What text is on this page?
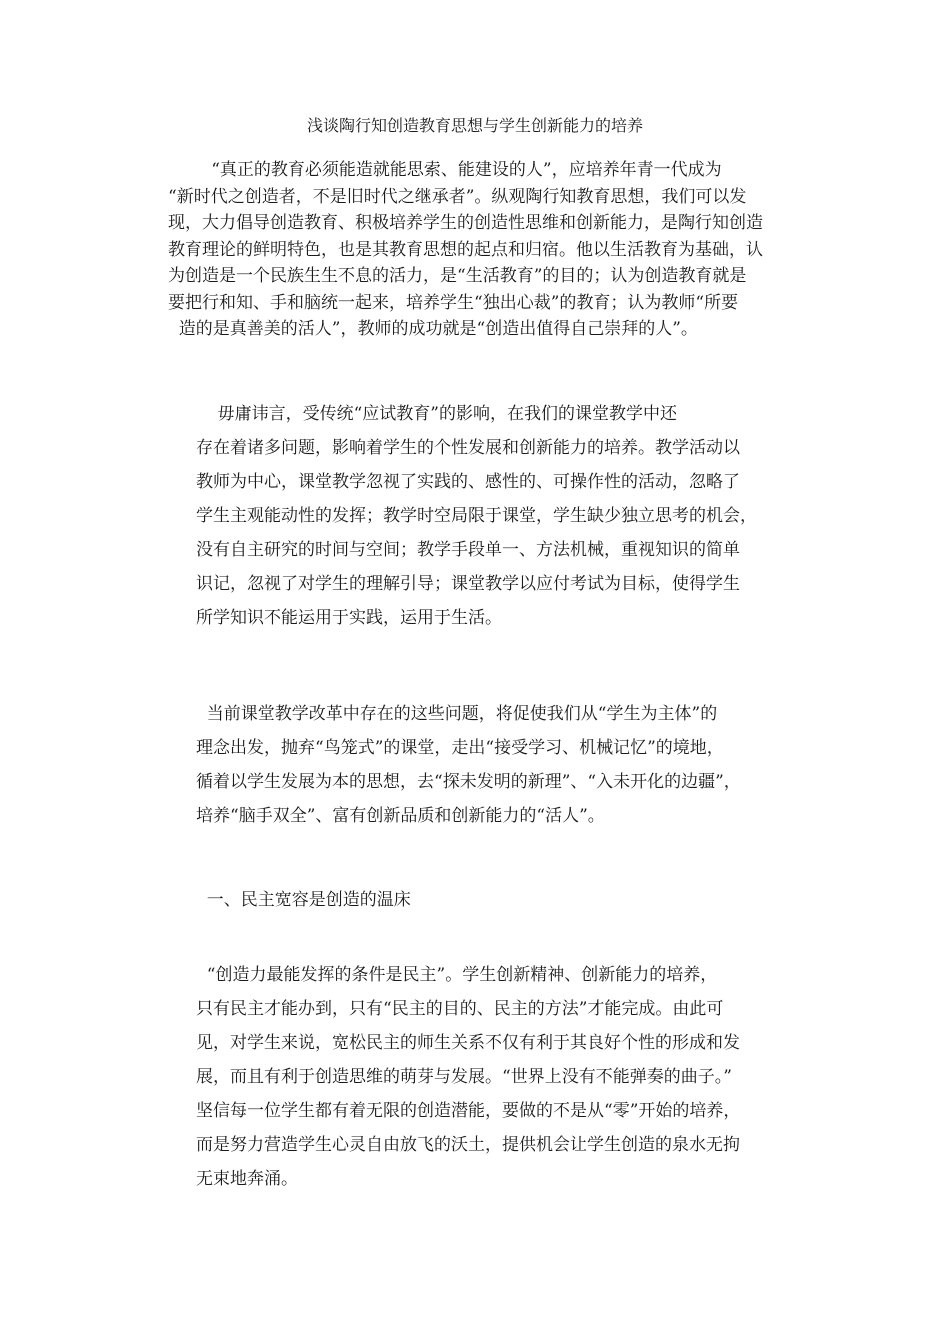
浅谈陶行知创造教育思想与学生创新能力的培养
“真正的教育必须能造就能思索、能建设的人”，应培养年青一代成为
“新时代之创造者，不是旧时代之继承者”。纵观陶行知教育思想，我们可以发
现，大力倡导创造教育、积极培养学生的创造性思维和创新能力，是陶行知创造
教育理论的鲜明特色，也是其教育思想的起点和归宿。他以生活教育为基础，认
为创造是一个民族生生不息的活力，是“生活教育”的目的；认为创造教育就是
要把行和知、手和脑统一起来，培养学生“独出心裁”的教育；认为教师“所要
造的是真善美的活人”，教师的成功就是“创造出值得自己崇拜的人”。
毋庸讳言，受传统“应试教育”的影响，在我们的课堂教学中还
存在着诸多问题，影响着学生的个性发展和创新能力的培养。教学活动以
教师为中心，课堂教学忽视了实践的、感性的、可操作性的活动，忽略了
学生主观能动性的发挥；教学时空局限于课堂，学生缺少独立思考的机会，
没有自主研究的时间与空间；教学手段单一、方法机械，重视知识的简单
识记，忽视了对学生的理解引导；课堂教学以应付考试为目标，使得学生
所学知识不能运用于实践，运用于生活。
当前课堂教学改革中存在的这些问题，将促使我们从“学生为主体”的
理念出发，抛弃“鸟笼式”的课堂，走出“接受学习、机械记忆”的境地，
循着以学生发展为本的思想，去“探未发明的新理”、“入未开化的边疆”，
培养“脑手双全”、富有创新品质和创新能力的“活人”。
一、民主宽容是创造的温床
“创造力最能发挥的条件是民主”。学生创新精神、创新能力的培养，
只有民主才能办到，只有“民主的目的、民主的方法”才能完成。由此可
见，对学生来说，宽松民主的师生关系不仅有利于其良好个性的形成和发
展，而且有利于创造思维的萌芽与发展。“世界上没有不能弹奏的曲子。”
坚信每一位学生都有着无限的创造潜能，要做的不是从“零”开始的培养，
而是努力营造学生心灵自由放飞的沃土，提供机会让学生创造的泉水无拘
无束地奔涌。
